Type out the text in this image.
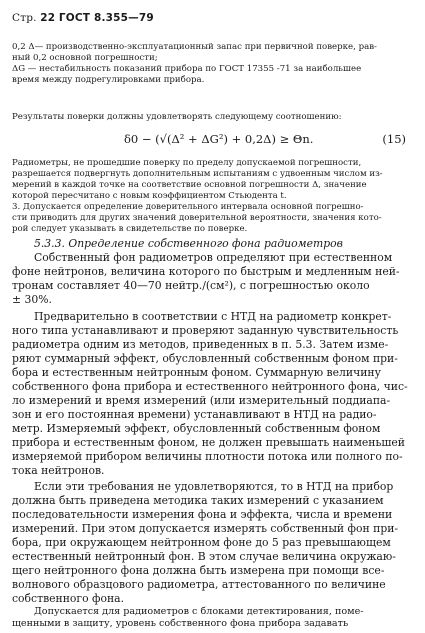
Стр. 22 ГОСТ 8.355—79
0,2 Δ— производственно-эксплуатационный запас при первичной поверке, рав-
ный 0,2 основной погрешности;
ΔG — нестабильность показаний прибора по ГОСТ 17355 -71 за наибольшее
время между подрегулировками прибора.
Результаты поверки должны удовлетворять следующему соотношению:
δ0 − (√(Δ² + ΔG²) + 0,2Δ) ≥ Θn.	(15)
Радиометры, не прошедшие поверку по пределу допускаемой погрешности,
разрешается подвергнуть дополнительным испытаниям с удвоенным числом из-
мерений в каждой точке на соответствие основной погрешности Δ, значение
которой пересчитано с новым коэффициентом Стьюдента t.
3. Допускается определение доверительного интервала основной погрешно-
сти приводить для других значений доверительной вероятности, значения кото-
рой следует указывать в свидетельстве по поверке.
5.3.3. Определение собственного фона радиометров
Собственный фон радиометров определяют при естественном
фоне нейтронов, величина которого по быстрым и медленным ней-
тронам составляет 40—70 нейтр./(см²), с погрешностью около
± 30%.
Предварительно в соответствии с НТД на радиометр конкрет-
ного типа устанавливают и проверяют заданную чувствительность
радиометра одним из методов, приведенных в п. 5.3. Затем изме-
ряют суммарный эффект, обусловленный собственным фоном при-
бора и естественным нейтронным фоном. Суммарную величину
собственного фона прибора и естественного нейтронного фона, чис-
ло измерений и время измерений (или измерительный поддиапа-
зон и его постоянная времени) устанавливают в НТД на радио-
метр. Измеряемый эффект, обусловленный собственным фоном
прибора и естественным фоном, не должен превышать наименьшей
измеряемой прибором величины плотности потока или полного по-
тока нейтронов.
Если эти требования не удовлетворяются, то в НТД на прибор
должна быть приведена методика таких измерений с указанием
последовательности измерения фона и эффекта, числа и времени
измерений. При этом допускается измерять собственный фон при-
бора, при окружающем нейтронном фоне до 5 раз превышающем
естественный нейтронный фон. В этом случае величина окружаю-
щего нейтронного фона должна быть измерена при помощи все-
волнового образцового радиометра, аттестованного по величине
собственного фона.
Допускается для радиометров с блоками детектирования, поме-
щенными в защиту, уровень собственного фона прибора задавать
